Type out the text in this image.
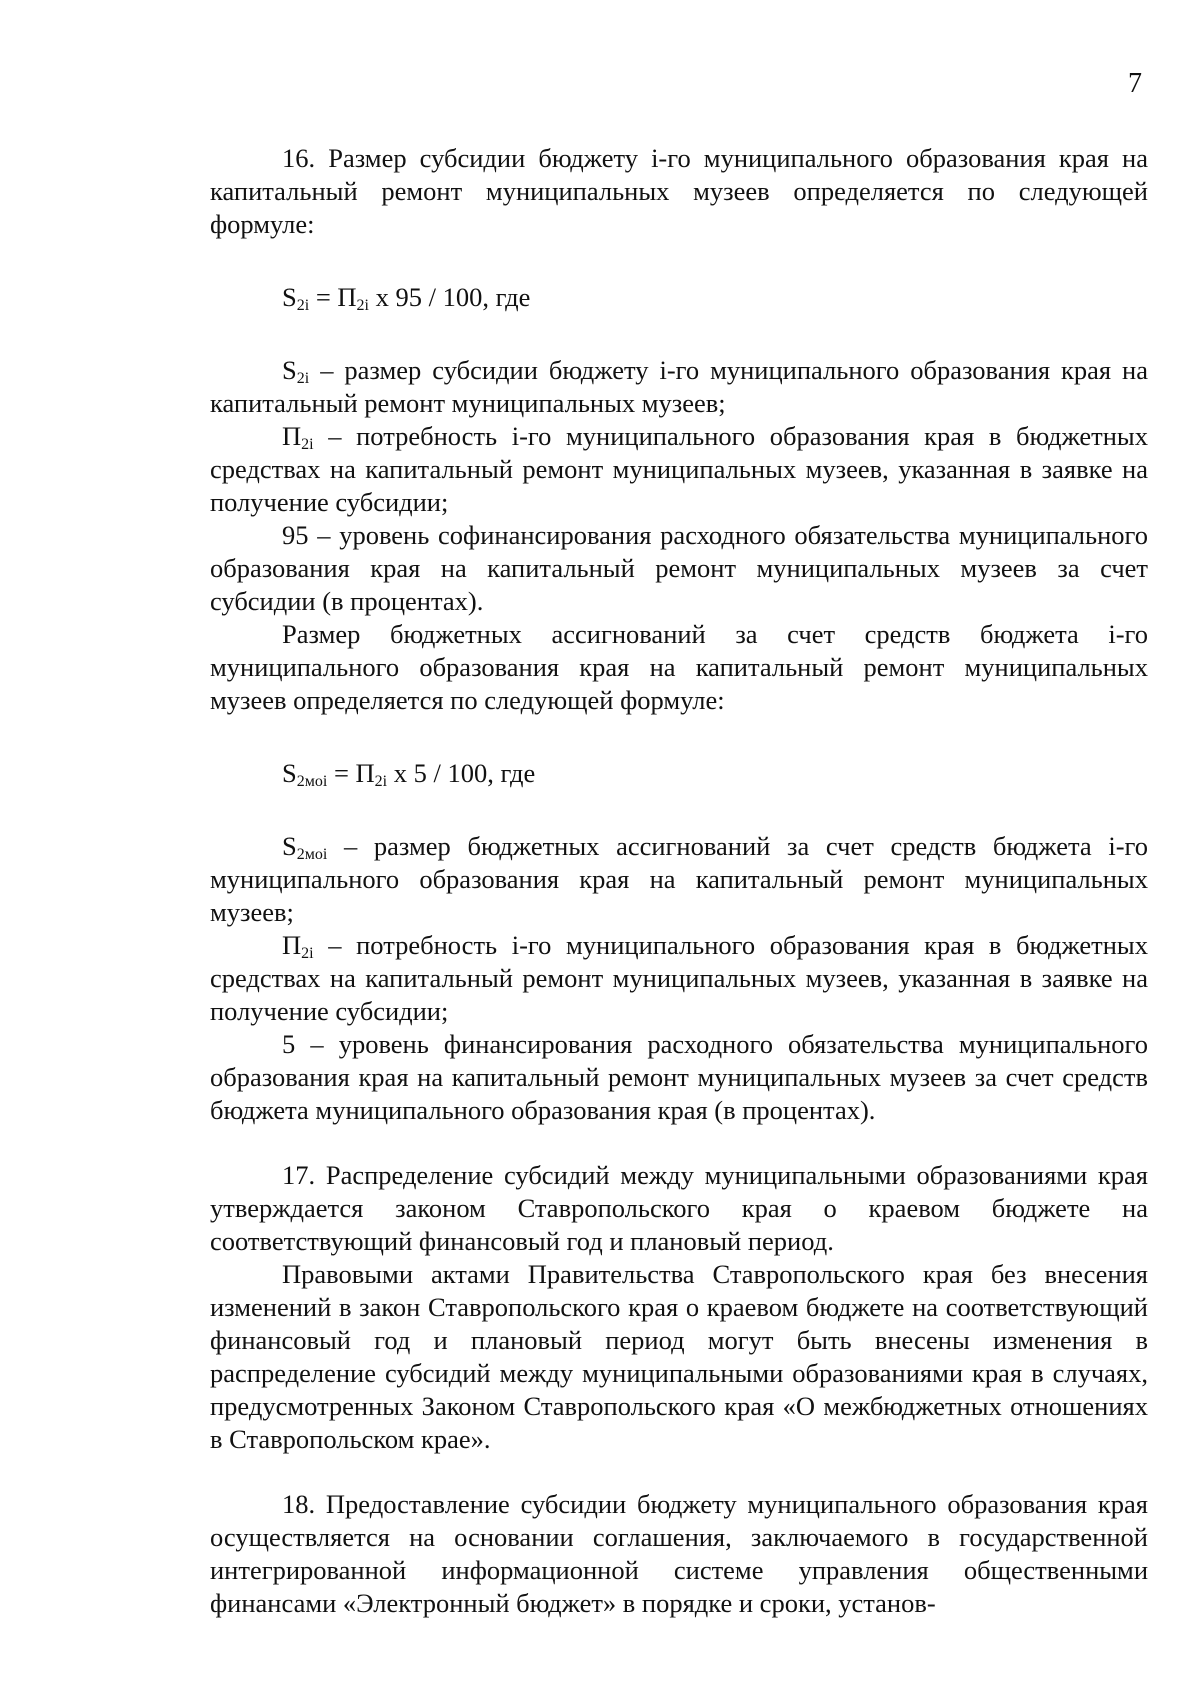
7

16. Размер субсидии бюджету i-го муниципального образования края на капитальный ремонт муниципальных музеев определяется по следующей формуле:

$S_{2i} = П_{2i}$ х 95 / 100, где

$S_{2i}$ – размер субсидии бюджету i-го муниципального образования края на капитальный ремонт муниципальных музеев;

$П_{2i}$ – потребность i-го муниципального образования края в бюджетных средствах на капитальный ремонт муниципальных музеев, указанная в заявке на получение субсидии;

95 – уровень софинансирования расходного обязательства муниципального образования края на капитальный ремонт муниципальных музеев за счет субсидии (в процентах).

Размер бюджетных ассигнований за счет средств бюджета i-го муниципального образования края на капитальный ремонт муниципальных музеев определяется по следующей формуле:

$S_{2моi} = П_{2i}$ х 5 / 100, где

$S_{2моi}$ – размер бюджетных ассигнований за счет средств бюджета i-го муниципального образования края на капитальный ремонт муниципальных музеев;

$П_{2i}$ – потребность i-го муниципального образования края в бюджетных средствах на капитальный ремонт муниципальных музеев, указанная в заявке на получение субсидии;

5 – уровень финансирования расходного обязательства муниципального образования края на капитальный ремонт муниципальных музеев за счет средств бюджета муниципального образования края (в процентах).

17. Распределение субсидий между муниципальными образованиями края утверждается законом Ставропольского края о краевом бюджете на соответствующий финансовый год и плановый период.

Правовыми актами Правительства Ставропольского края без внесения изменений в закон Ставропольского края о краевом бюджете на соответствующий финансовый год и плановый период могут быть внесены изменения в распределение субсидий между муниципальными образованиями края в случаях, предусмотренных Законом Ставропольского края «О межбюджетных отношениях в Ставропольском крае».

18. Предоставление субсидии бюджету муниципального образования края осуществляется на основании соглашения, заключаемого в государственной интегрированной информационной системе управления общественными финансами «Электронный бюджет» в порядке и сроки, установ-
